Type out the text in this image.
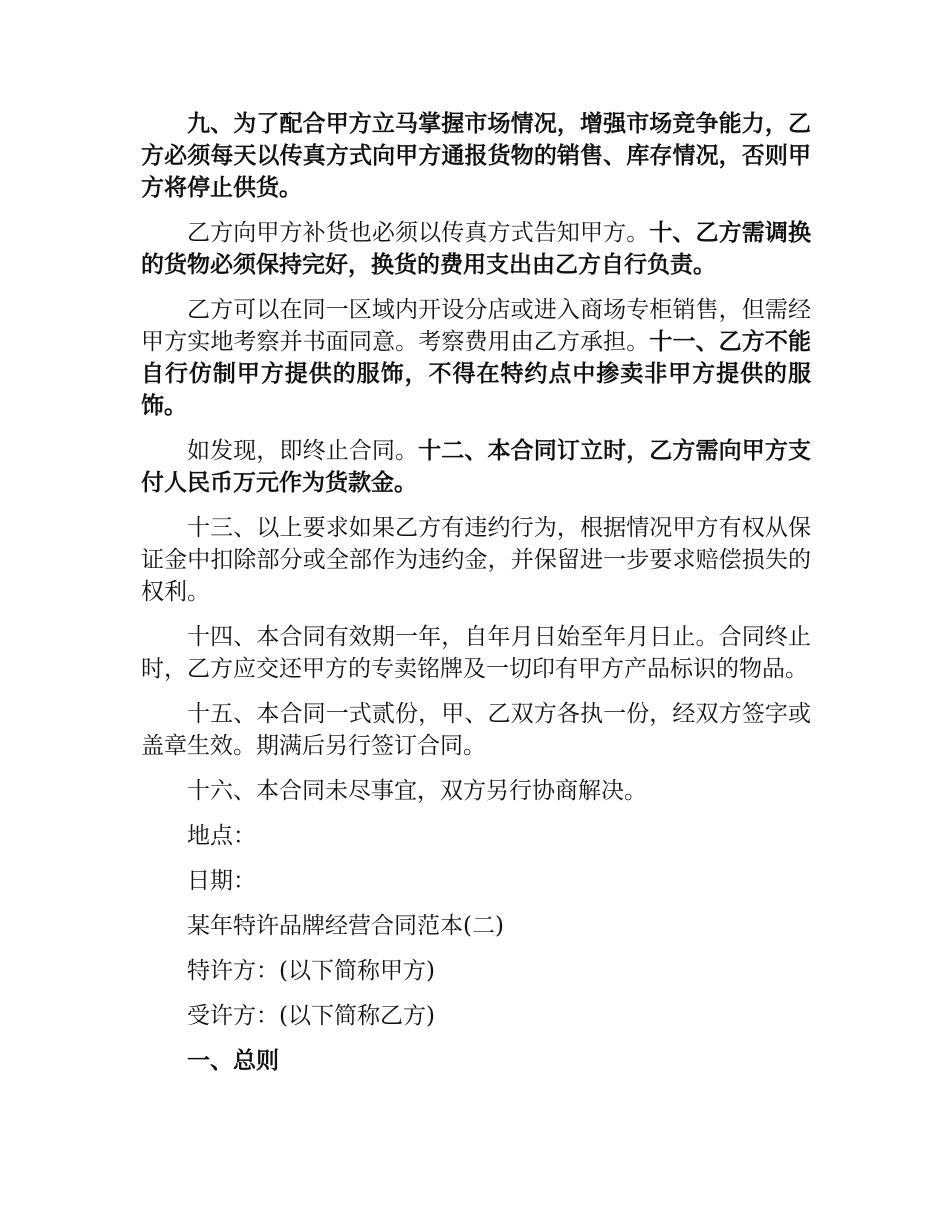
九、为了配合甲方立马掌握市场情况，增强市场竞争能力，乙方必须每天以传真方式向甲方通报货物的销售、库存情况，否则甲方将停止供货。

乙方向甲方补货也必须以传真方式告知甲方。十、乙方需调换的货物必须保持完好，换货的费用支出由乙方自行负责。

乙方可以在同一区域内开设分店或进入商场专柜销售，但需经甲方实地考察并书面同意。考察费用由乙方承担。十一、乙方不能自行仿制甲方提供的服饰，不得在特约点中掺卖非甲方提供的服饰。

如发现，即终止合同。十二、本合同订立时，乙方需向甲方支付人民币万元作为货款金。

十三、以上要求如果乙方有违约行为，根据情况甲方有权从保证金中扣除部分或全部作为违约金，并保留进一步要求赔偿损失的权利。

十四、本合同有效期一年，自年月日始至年月日止。合同终止时，乙方应交还甲方的专卖铭牌及一切印有甲方产品标识的物品。

十五、本合同一式贰份，甲、乙双方各执一份，经双方签字或盖章生效。期满后另行签订合同。

十六、本合同未尽事宜，双方另行协商解决。

地点：

日期：

某年特许品牌经营合同范本(二)

特许方：(以下简称甲方)

受许方：(以下简称乙方)

一、总则
